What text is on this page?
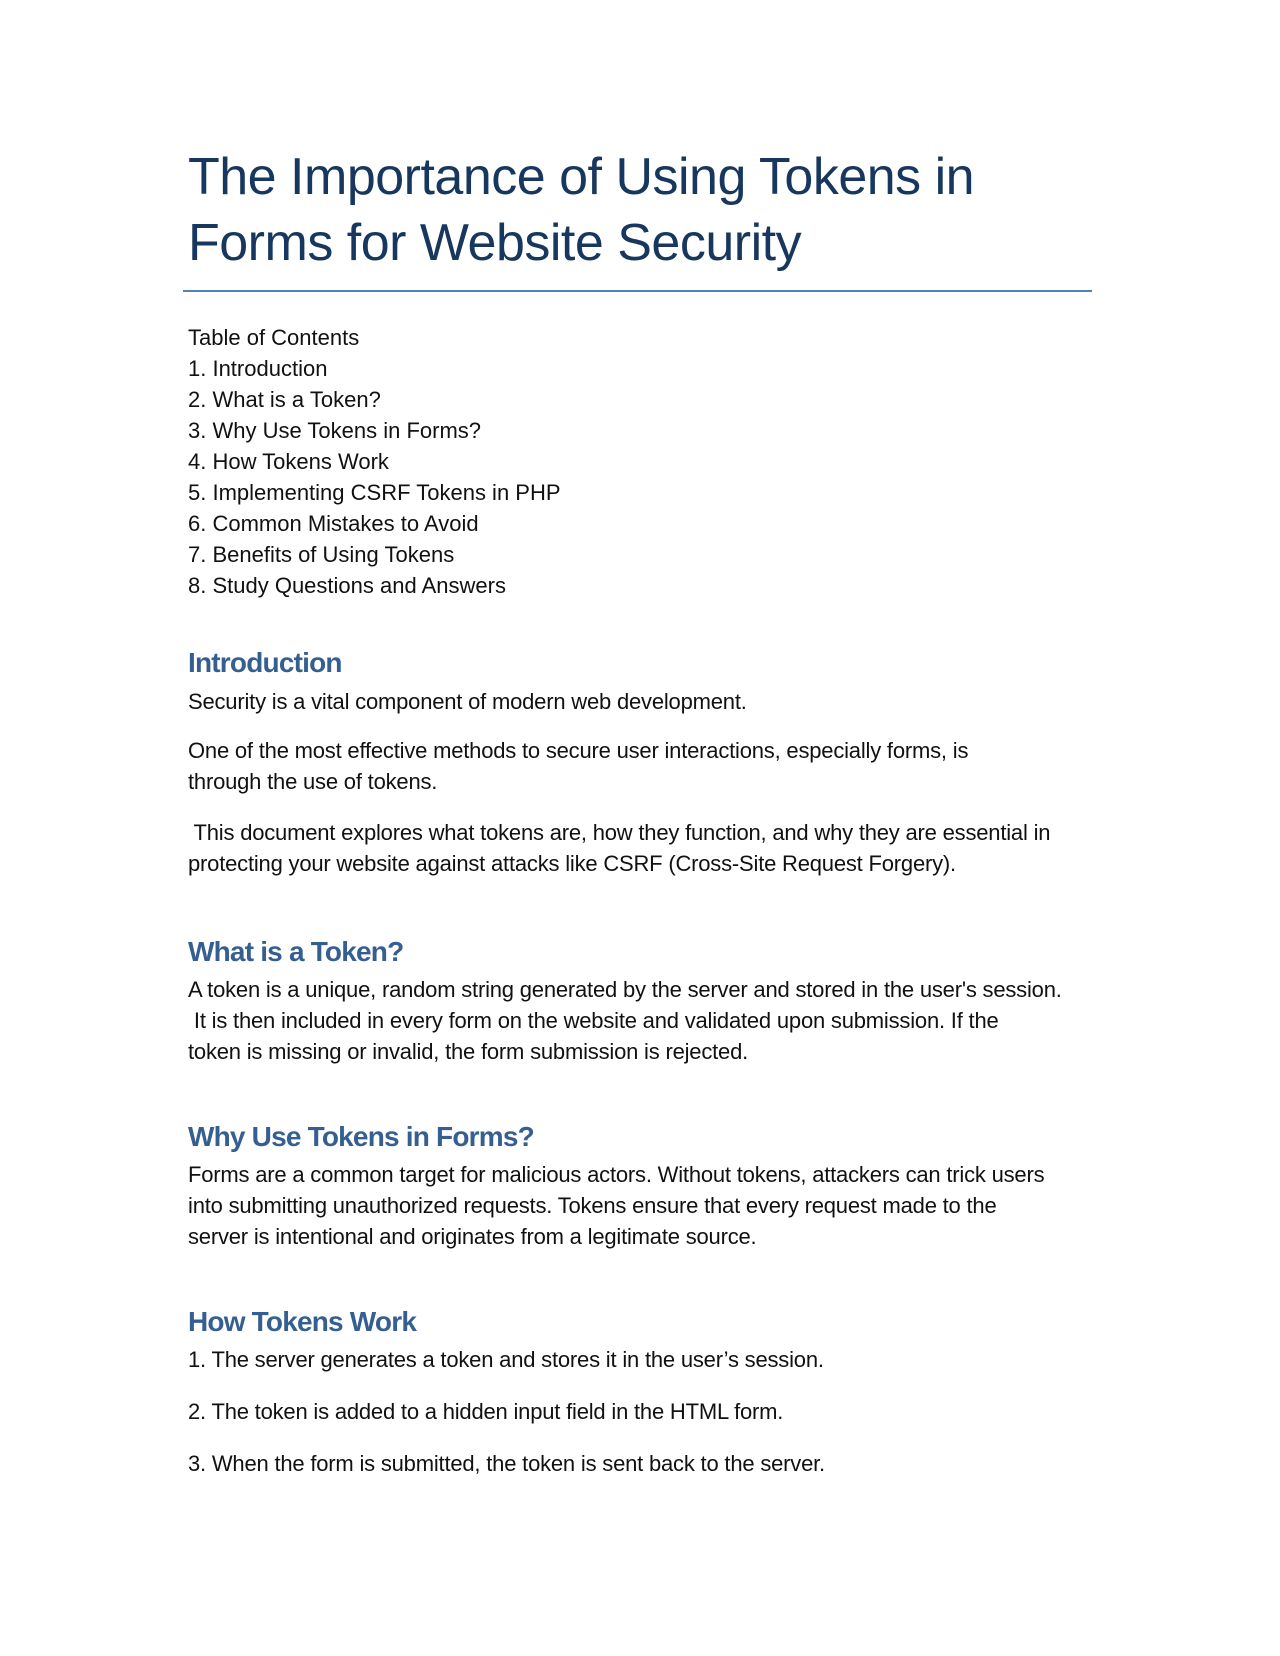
The Importance of Using Tokens in
Forms for Website Security
Table of Contents
1. Introduction
2. What is a Token?
3. Why Use Tokens in Forms?
4. How Tokens Work
5. Implementing CSRF Tokens in PHP
6. Common Mistakes to Avoid
7. Benefits of Using Tokens
8. Study Questions and Answers
Introduction

Security is a vital component of modern web development.

One of the most effective methods to secure user interactions, especially forms, is
through the use of tokens.

This document explores what tokens are, how they function, and why they are essential in
protecting your website against attacks like CSRF (Cross-Site Request Forgery).

What is a Token?

A token is a unique, random string generated by the server and stored in the user's session.
It is then included in every form on the website and validated upon submission. If the
token is missing or invalid, the form submission is rejected.

Why Use Tokens in Forms?

Forms are a common target for malicious actors. Without tokens, attackers can trick users
into submitting unauthorized requests. Tokens ensure that every request made to the
server is intentional and originates from a legitimate source.

How Tokens Work

1. The server generates a token and stores it in the user’s session.

2. The token is added to a hidden input field in the HTML form.

3. When the form is submitted, the token is sent back to the server.
